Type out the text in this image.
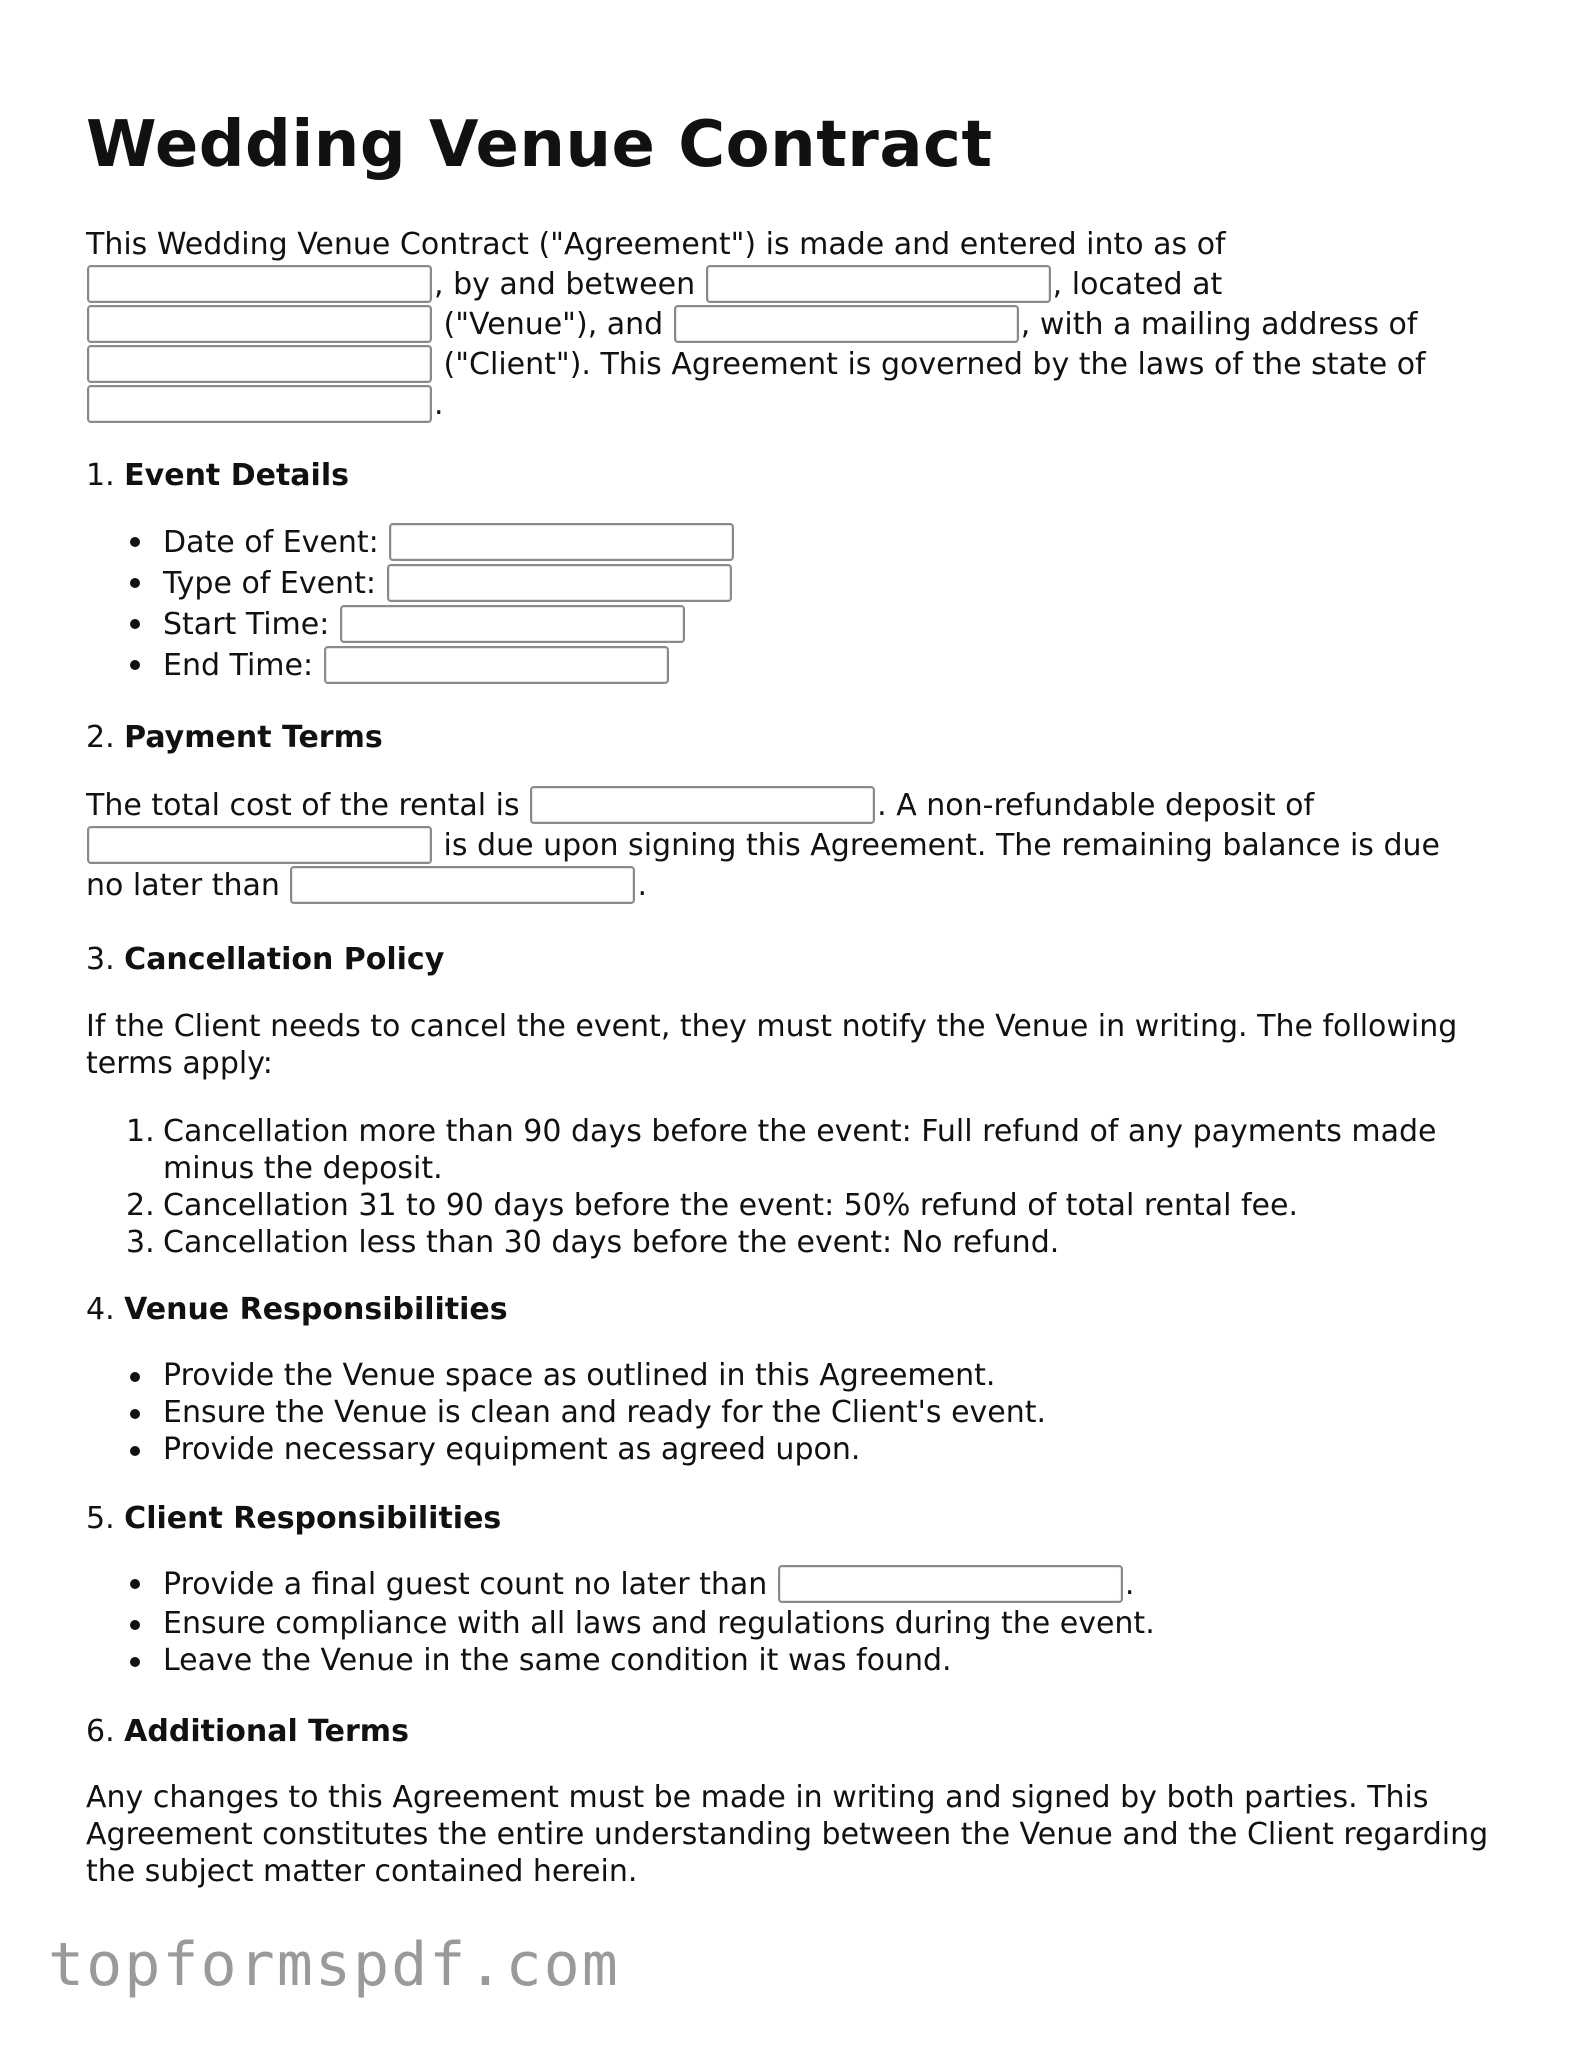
Wedding Venue Contract
This Wedding Venue Contract ("Agreement") is made and entered into as of
, by and between	, located at
("Venue"), and	, with a mailing address of
("Client"). This Agreement is governed by the laws of the state of
.
1. Event Details
Date of Event:
Type of Event:
Start Time:
End Time:
2. Payment Terms
The total cost of the rental is	. A non-refundable deposit of
is due upon signing this Agreement. The remaining balance is due
no later than	.
3. Cancellation Policy
If the Client needs to cancel the event, they must notify the Venue in writing. The following terms apply:
1. Cancellation more than 90 days before the event: Full refund of any payments made minus the deposit.
2. Cancellation 31 to 90 days before the event: 50% refund of total rental fee.
3. Cancellation less than 30 days before the event: No refund.
4. Venue Responsibilities
Provide the Venue space as outlined in this Agreement.
Ensure the Venue is clean and ready for the Client's event.
Provide necessary equipment as agreed upon.
5. Client Responsibilities
Provide a final guest count no later than	.
Ensure compliance with all laws and regulations during the event.
Leave the Venue in the same condition it was found.
6. Additional Terms
Any changes to this Agreement must be made in writing and signed by both parties. This Agreement constitutes the entire understanding between the Venue and the Client regarding the subject matter contained herein.
topformspdf.com
